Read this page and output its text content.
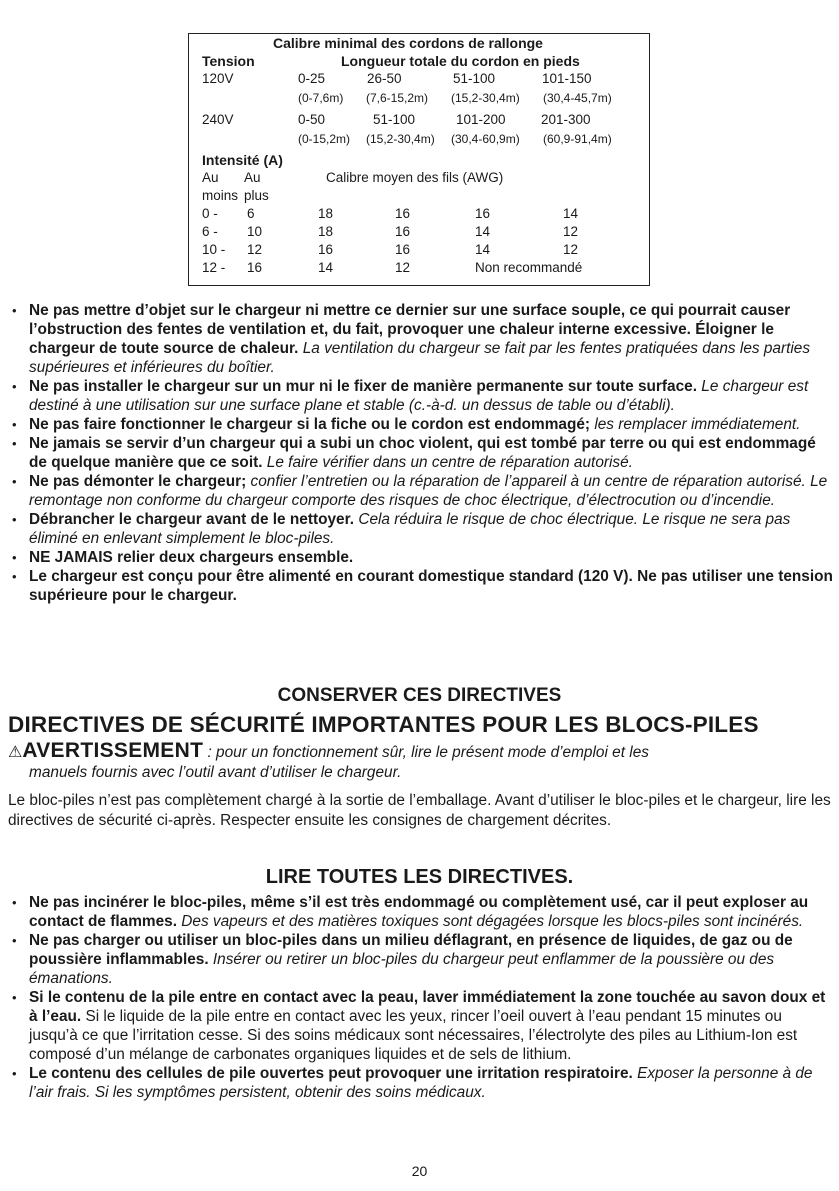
Calibre minimal des cordons de rallonge
Tension	Longueur totale du cordon en pieds
120V	0-25	26-50	51-100	101-150
(0-7,6m) (7,6-15,2m) (15,2-30,4m) (30,4-45,7m)
240V	0-50	51-100	101-200	201-300
(0-15,2m) (15,2-30,4m) (30,4-60,9m) (60,9-91,4m)
Intensité (A)
Au Au	Calibre moyen des fils (AWG)
moins plus
0 - 6	18	16	16	14
6 - 10	18	16	14	12
10 - 12	16	16	14	12
12 - 16	14	12	Non recommandé
• Ne pas mettre d’objet sur le chargeur ni mettre ce dernier sur une surface souple, ce qui pourrait causer l’obstruction des fentes de ventilation et, du fait, provoquer une chaleur interne excessive. Éloigner le chargeur de toute source de chaleur. La ventilation du chargeur se fait par les fentes pratiquées dans les parties supérieures et inférieures du boîtier.
• Ne pas installer le chargeur sur un mur ni le fixer de manière permanente sur toute surface. Le chargeur est destiné à une utilisation sur une surface plane et stable (c.-à-d. un dessus de table ou d’établi).
• Ne pas faire fonctionner le chargeur si la fiche ou le cordon est endommagé; les remplacer immédiatement.
• Ne jamais se servir d’un chargeur qui a subi un choc violent, qui est tombé par terre ou qui est endommagé de quelque manière que ce soit. Le faire vérifier dans un centre de réparation autorisé.
• Ne pas démonter le chargeur; confier l’entretien ou la réparation de l’appareil à un centre de réparation autorisé. Le remontage non conforme du chargeur comporte des risques de choc électrique, d’électrocution ou d’incendie.
• Débrancher le chargeur avant de le nettoyer. Cela réduira le risque de choc électrique. Le risque ne sera pas éliminé en enlevant simplement le bloc-piles.
• NE JAMAIS relier deux chargeurs ensemble.
• Le chargeur est conçu pour être alimenté en courant domestique standard (120 V). Ne pas utiliser une tension supérieure pour le chargeur.
CONSERVER CES DIRECTIVES
DIRECTIVES DE SÉCURITÉ IMPORTANTES POUR LES BLOCS-PILES
⚠AVERTISSEMENT : pour un fonctionnement sûr, lire le présent mode d’emploi et les
manuels fournis avec l’outil avant d’utiliser le chargeur.
Le bloc-piles n’est pas complètement chargé à la sortie de l’emballage. Avant d’utiliser le bloc-piles et le chargeur, lire les directives de sécurité ci-après. Respecter ensuite les consignes de chargement décrites.
LIRE TOUTES LES DIRECTIVES.
• Ne pas incinérer le bloc-piles, même s’il est très endommagé ou complètement usé, car il peut exploser au contact de flammes. Des vapeurs et des matières toxiques sont dégagées lorsque les blocs-piles sont incinérés.
• Ne pas charger ou utiliser un bloc-piles dans un milieu déflagrant, en présence de liquides, de gaz ou de poussière inflammables. Insérer ou retirer un bloc-piles du chargeur peut enflammer de la poussière ou des émanations.
• Si le contenu de la pile entre en contact avec la peau, laver immédiatement la zone touchée au savon doux et à l’eau. Si le liquide de la pile entre en contact avec les yeux, rincer l’oeil ouvert à l’eau pendant 15 minutes ou jusqu’à ce que l’irritation cesse. Si des soins médicaux sont nécessaires, l’électrolyte des piles au Lithium-Ion est composé d’un mélange de carbonates organiques liquides et de sels de lithium.
• Le contenu des cellules de pile ouvertes peut provoquer une irritation respiratoire. Exposer la personne à de l’air frais. Si les symptômes persistent, obtenir des soins médicaux.
20
